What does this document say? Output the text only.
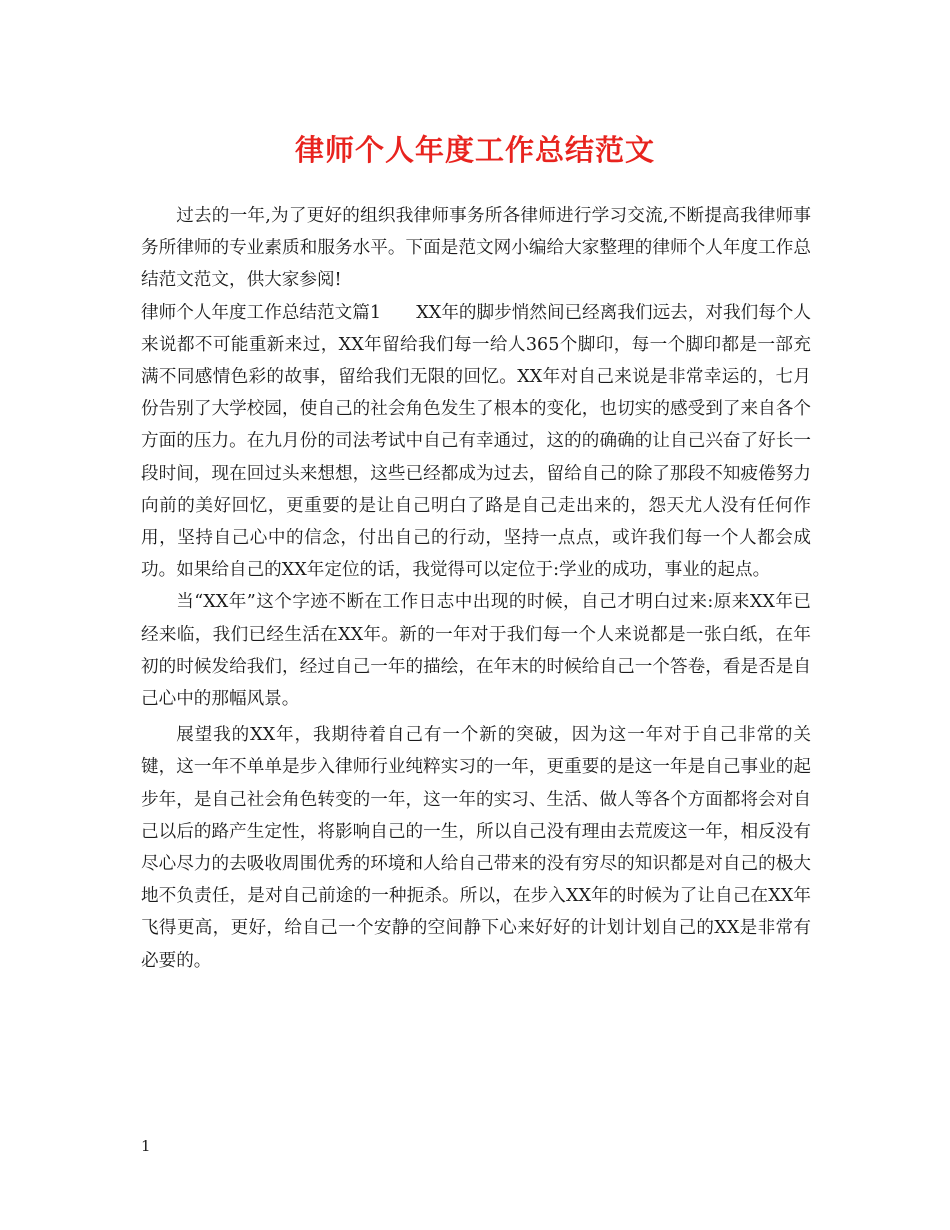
律师个人年度工作总结范文

过去的一年,为了更好的组织我律师事务所各律师进行学习交流,不断提高我律师事务所律师的专业素质和服务水平。下面是范文网小编给大家整理的律师个人年度工作总结范文范文，供大家参阅!

律师个人年度工作总结范文篇1　　XX年的脚步悄然间已经离我们远去，对我们每个人来说都不可能重新来过，XX年留给我们每一给人365个脚印，每一个脚印都是一部充满不同感情色彩的故事，留给我们无限的回忆。XX年对自己来说是非常幸运的，七月份告别了大学校园，使自己的社会角色发生了根本的变化，也切实的感受到了来自各个方面的压力。在九月份的司法考试中自己有幸通过，这的的确确的让自己兴奋了好长一段时间，现在回过头来想想，这些已经都成为过去，留给自己的除了那段不知疲倦努力向前的美好回忆，更重要的是让自己明白了路是自己走出来的，怨天尤人没有任何作用，坚持自己心中的信念，付出自己的行动，坚持一点点，或许我们每一个人都会成功。如果给自己的XX年定位的话，我觉得可以定位于:学业的成功，事业的起点。

当“XX年”这个字迹不断在工作日志中出现的时候，自己才明白过来:原来XX年已经来临，我们已经生活在XX年。新的一年对于我们每一个人来说都是一张白纸，在年初的时候发给我们，经过自己一年的描绘，在年末的时候给自己一个答卷，看是否是自己心中的那幅风景。

展望我的XX年，我期待着自己有一个新的突破，因为这一年对于自己非常的关键，这一年不单单是步入律师行业纯粹实习的一年，更重要的是这一年是自己事业的起步年，是自己社会角色转变的一年，这一年的实习、生活、做人等各个方面都将会对自己以后的路产生定性，将影响自己的一生，所以自己没有理由去荒废这一年，相反没有尽心尽力的去吸收周围优秀的环境和人给自己带来的没有穷尽的知识都是对自己的极大地不负责任，是对自己前途的一种扼杀。所以，在步入XX年的时候为了让自己在XX年飞得更高，更好，给自己一个安静的空间静下心来好好的计划计划自己的XX是非常有必要的。

1
